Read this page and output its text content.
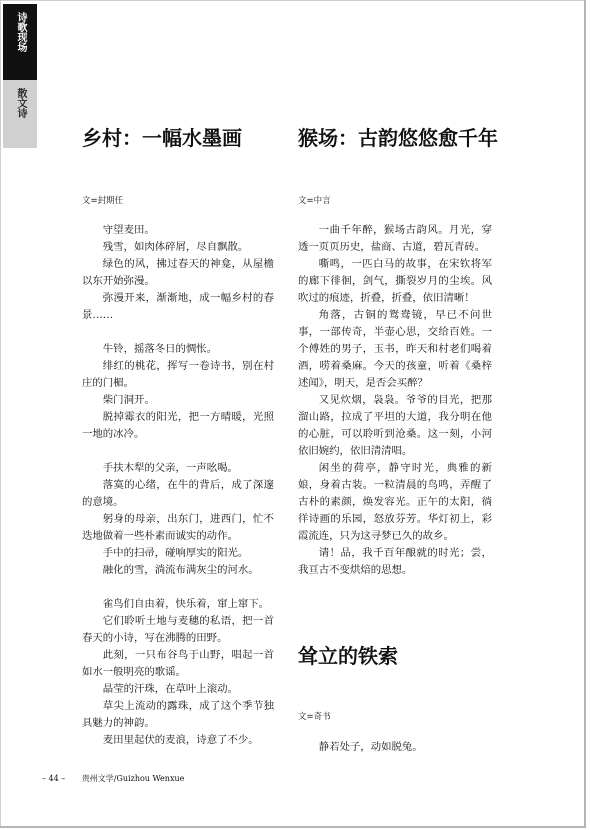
诗歌现场
散文诗
乡村：一幅水墨画
文=封期任

守望麦田。

残雪，如肉体碎屑，尽自飘散。

绿色的风，拂过春天的神龛，从屋檐以东开始弥漫。

弥漫开来，渐渐地，成一幅乡村的春景……

牛铃，摇落冬日的惆怅。

绯红的桃花，挥写一卷诗书，别在村庄的门楣。

柴门洞开。

脱掉霉衣的阳光，把一方晴暖，光照一地的冰冷。

手扶木犁的父亲，一声吆喝。

落寞的心绪，在牛的背后，成了深邃的意境。

躬身的母亲，出东门，进西门，忙不迭地做着一些朴素而诚实的动作。

手中的扫帚，碰响厚实的阳光。

融化的雪，淌流布满灰尘的河水。

雀鸟们自由着，快乐着，窜上窜下。

它们聆听土地与麦穗的私语，把一首春天的小诗，写在沸腾的田野。

此刻，一只布谷鸟于山野，唱起一首如水一般明亮的歌谣。

晶莹的汗珠，在草叶上滚动。

草尖上流动的露珠，成了这个季节独具魅力的神韵。

麦田里起伏的麦浪，诗意了不少。

猴场：古韵悠悠愈千年
文=中言

一曲千年醉，猴场古韵风。月光，穿透一页页历史，盐商、古道，碧瓦青砖。

嘶鸣，一匹白马的故事，在宋钦将军的廊下徘徊，剑气，撕裂岁月的尘埃。风吹过的痕迹，折叠，折叠，依旧清晰！

角落，古铜的鸳鸯镜，早已不问世事，一部传奇，半壶心思，交给百姓。一个傅姓的男子，玉书，昨天和村老们喝着酒，唠着桑麻。今天的孩童，听着《桑梓述闻》，明天，是否会买醉？

又见炊烟，袅袅。爷爷的目光，把那溜山路，拉成了平坦的大道，我分明在他的心脏，可以聆听到沧桑。这一刻，小河依旧婉约，依旧清清唱。

闲坐的荷亭，静守时光，典雅的新娘，身着古装。一粒清晨的鸟鸣，弄醒了古朴的素颜，焕发容光。正午的太阳，徜徉诗画的乐园，怒放芬芳。华灯初上，彩霞流连，只为这寻梦已久的故乡。

请！品，我千百年酿就的时光；尝，我亘古不变烘焙的思想。

耸立的铁索
文=奇书

静若处子，动如脱兔。

– 44 – 贵州文学/Guizhou Wenxue
